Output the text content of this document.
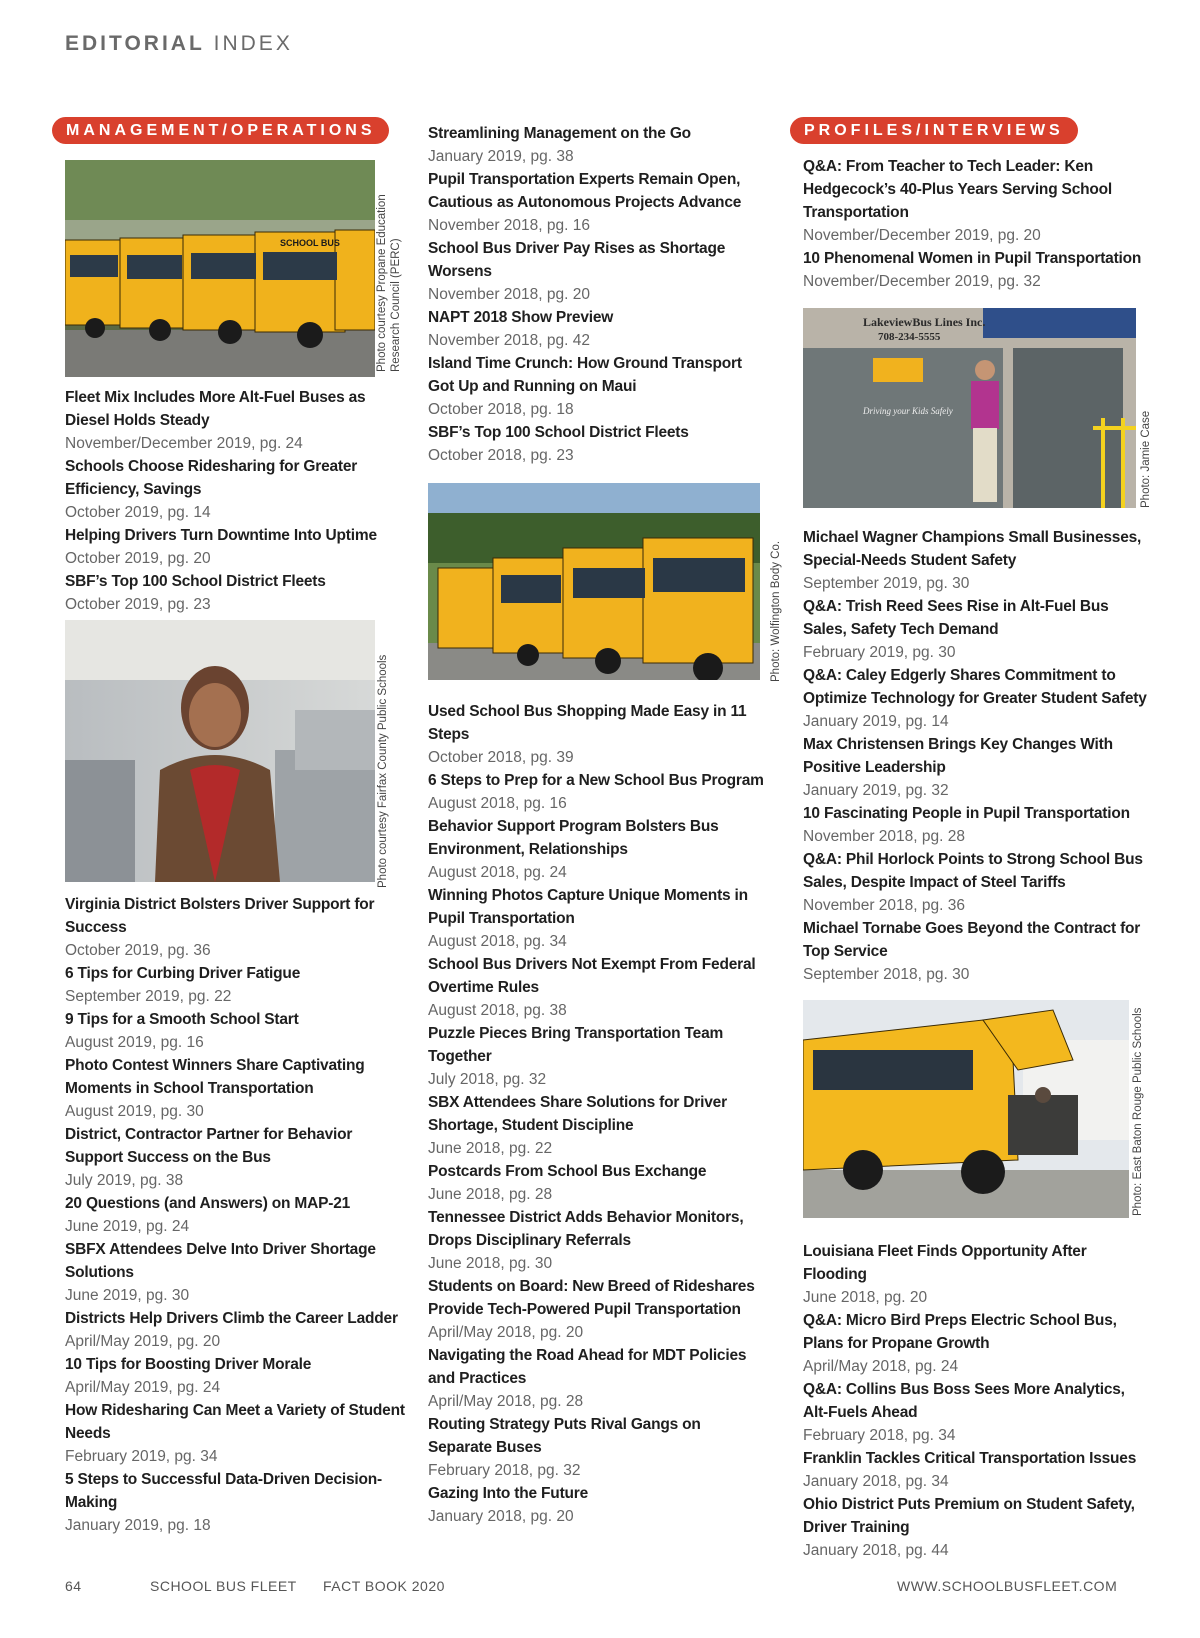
EDITORIAL INDEX
MANAGEMENT/OPERATIONS
SCHOOL BUS	Photo courtesy Propane Education Research Council (PERC)
Fleet Mix Includes More Alt-Fuel Buses as Diesel Holds Steady
November/December 2019, pg. 24
Schools Choose Ridesharing for Greater Efficiency, Savings
October 2019, pg. 14
Helping Drivers Turn Downtime Into Uptime
October 2019, pg. 20
SBF’s Top 100 School District Fleets
October 2019, pg. 23
Photo courtesy Fairfax County Public Schools
Virginia District Bolsters Driver Support for Success
October 2019, pg. 36
6 Tips for Curbing Driver Fatigue
September 2019, pg. 22
9 Tips for a Smooth School Start
August 2019, pg. 16
Photo Contest Winners Share Captivating Moments in School Transportation
August 2019, pg. 30
District, Contractor Partner for Behavior Support Success on the Bus
July 2019, pg. 38
20 Questions (and Answers) on MAP-21
June 2019, pg. 24
SBFX Attendees Delve Into Driver Shortage Solutions
June 2019, pg. 30
Districts Help Drivers Climb the Career Ladder
April/May 2019, pg. 20
10 Tips for Boosting Driver Morale
April/May 2019, pg. 24
How Ridesharing Can Meet a Variety of Student Needs
February 2019, pg. 34
5 Steps to Successful Data-Driven Decision-Making
January 2019, pg. 18
Streamlining Management on the Go
January 2019, pg. 38
Pupil Transportation Experts Remain Open, Cautious as Autonomous Projects Advance
November 2018, pg. 16
School Bus Driver Pay Rises as Shortage Worsens
November 2018, pg. 20
NAPT 2018 Show Preview
November 2018, pg. 42
Island Time Crunch: How Ground Transport Got Up and Running on Maui
October 2018, pg. 18
SBF’s Top 100 School District Fleets
October 2018, pg. 23
Photo: Wolfington Body Co.
Used School Bus Shopping Made Easy in 11 Steps
October 2018, pg. 39
6 Steps to Prep for a New School Bus Program
August 2018, pg. 16
Behavior Support Program Bolsters Bus Environment, Relationships
August 2018, pg. 24
Winning Photos Capture Unique Moments in Pupil Transportation
August 2018, pg. 34
School Bus Drivers Not Exempt From Federal Overtime Rules
August 2018, pg. 38
Puzzle Pieces Bring Transportation Team Together
July 2018, pg. 32
SBX Attendees Share Solutions for Driver Shortage, Student Discipline
June 2018, pg. 22
Postcards From School Bus Exchange
June 2018, pg. 28
Tennessee District Adds Behavior Monitors, Drops Disciplinary Referrals
June 2018, pg. 30
Students on Board: New Breed of Rideshares Provide Tech-Powered Pupil Transportation
April/May 2018, pg. 20
Navigating the Road Ahead for MDT Policies and Practices
April/May 2018, pg. 28
Routing Strategy Puts Rival Gangs on Separate Buses
February 2018, pg. 32
Gazing Into the Future
January 2018, pg. 20
PROFILES/INTERVIEWS
Q&A: From Teacher to Tech Leader: Ken Hedgecock’s 40-Plus Years Serving School Transportation
November/December 2019, pg. 20
10 Phenomenal Women in Pupil Transportation
November/December 2019, pg. 32
LakeviewBus Lines Inc.
708-234-5555
Driving your Kids Safely	Photo: Jamie Case
Michael Wagner Champions Small Businesses, Special-Needs Student Safety
September 2019, pg. 30
Q&A: Trish Reed Sees Rise in Alt-Fuel Bus Sales, Safety Tech Demand
February 2019, pg. 30
Q&A: Caley Edgerly Shares Commitment to Optimize Technology for Greater Student Safety
January 2019, pg. 14
Max Christensen Brings Key Changes With Positive Leadership
January 2019, pg. 32
10 Fascinating People in Pupil Transportation
November 2018, pg. 28
Q&A: Phil Horlock Points to Strong School Bus Sales, Despite Impact of Steel Tariffs
November 2018, pg. 36
Michael Tornabe Goes Beyond the Contract for Top Service
September 2018, pg. 30
Photo: East Baton Rouge Public Schools
Louisiana Fleet Finds Opportunity After Flooding
June 2018, pg. 20
Q&A: Micro Bird Preps Electric School Bus, Plans for Propane Growth
April/May 2018, pg. 24
Q&A: Collins Bus Boss Sees More Analytics, Alt-Fuels Ahead
February 2018, pg. 34
Franklin Tackles Critical Transportation Issues
January 2018, pg. 34
Ohio District Puts Premium on Student Safety, Driver Training
January 2018, pg. 44
64	SCHOOL BUS FLEET FACT BOOK 2020	WWW.SCHOOLBUSFLEET.COM
